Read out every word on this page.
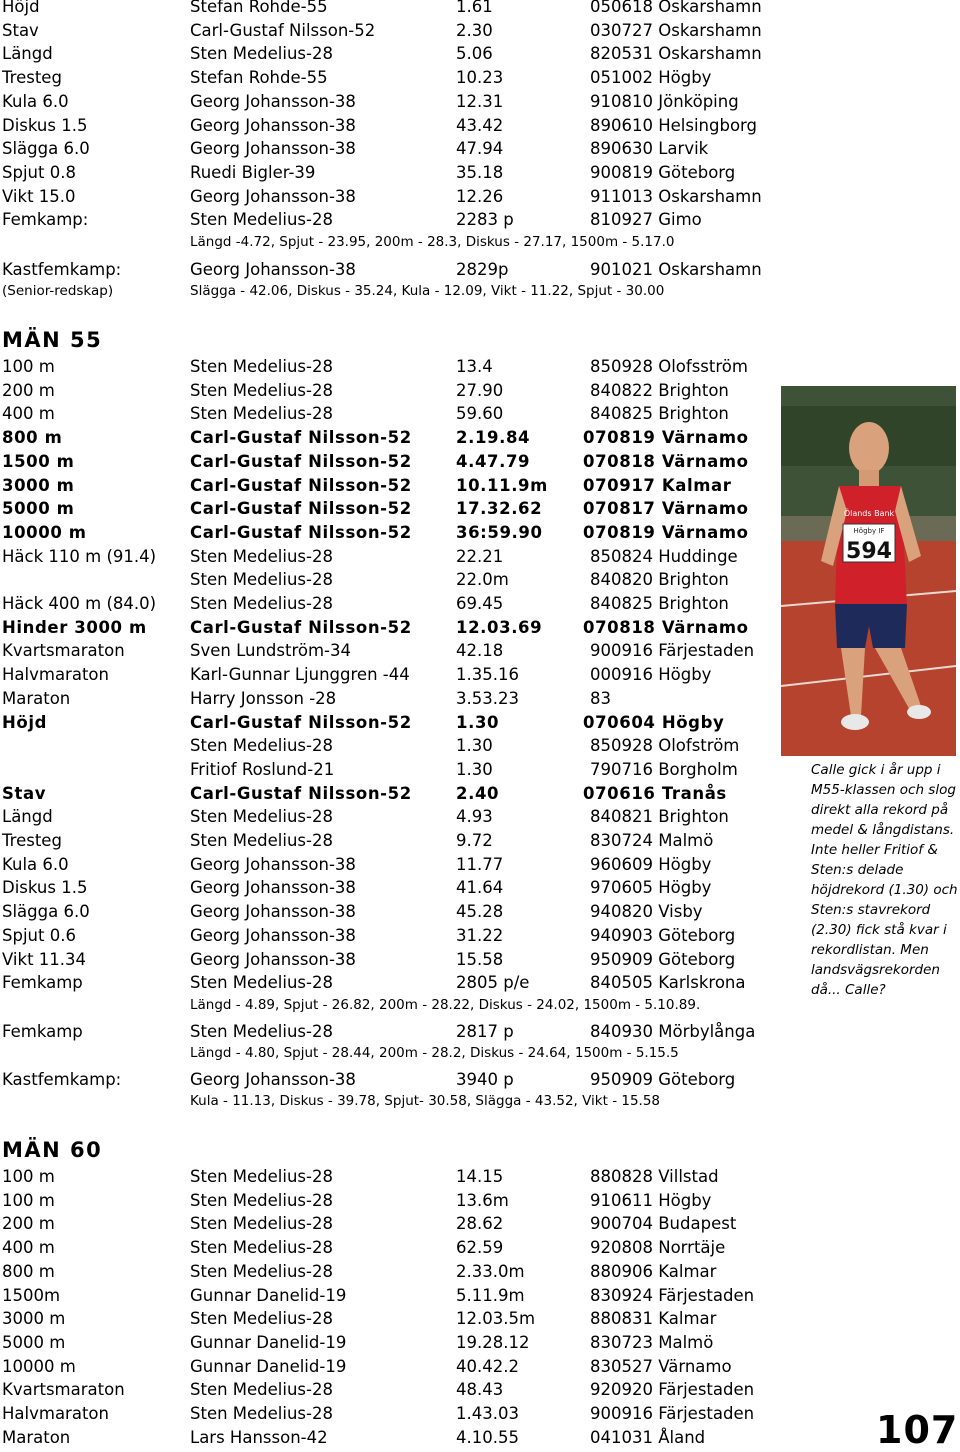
Höjd	Stefan Rohde-55	1.61	050618 Oskarshamn
Stav	Carl-Gustaf Nilsson-52	2.30	030727 Oskarshamn
Längd	Sten Medelius-28	5.06	820531 Oskarshamn
Tresteg	Stefan Rohde-55	10.23	051002 Högby
Kula 6.0	Georg Johansson-38	12.31	910810 Jönköping
Diskus 1.5	Georg Johansson-38	43.42	890610 Helsingborg
Slägga 6.0	Georg Johansson-38	47.94	890630 Larvik
Spjut 0.8	Ruedi Bigler-39	35.18	900819 Göteborg
Vikt 15.0	Georg Johansson-38	12.26	911013 Oskarshamn
Femkamp:	Sten Medelius-28	2283 p	810927 Gimo
Längd -4.72, Spjut - 23.95, 200m - 28.3, Diskus - 27.17, 1500m - 5.17.0
Kastfemkamp:	Georg Johansson-38	2829p	901021 Oskarshamn
(Senior-redskap)	Slägga - 42.06, Diskus - 35.24, Kula - 12.09, Vikt - 11.22, Spjut - 30.00
MÄN 55
100 m	Sten Medelius-28	13.4	850928 Olofsström
200 m	Sten Medelius-28	27.90	840822 Brighton
400 m	Sten Medelius-28	59.60	840825 Brighton
800 m	Carl-Gustaf Nilsson-52	2.19.84	070819 Värnamo
1500 m	Carl-Gustaf Nilsson-52	4.47.79	070818 Värnamo
3000 m	Carl-Gustaf Nilsson-52	10.11.9m 070917 Kalmar
5000 m	Carl-Gustaf Nilsson-52	17.32.62 070817 Värnamo
10000 m	Carl-Gustaf Nilsson-52	36:59.90 070819 Värnamo
Häck 110 m (91.4) Sten Medelius-28	22.21	850824 Huddinge
Sten Medelius-28	22.0m	840820 Brighton
Häck 400 m (84.0) Sten Medelius-28	69.45	840825 Brighton
Hinder 3000 m	Carl-Gustaf Nilsson-52	12.03.69 070818 Värnamo
Kvartsmaraton	Sven Lundström-34	42.18	900916 Färjestaden
Halvmaraton	Karl-Gunnar Ljunggren -44	1.35.16	000916 Högby
Maraton	Harry Jonsson -28	3.53.23	83
Höjd	Carl-Gustaf Nilsson-52	1.30	070604 Högby
Sten Medelius-28	1.30	850928 Olofström
Fritiof Roslund-21	1.30	790716 Borgholm
Stav	Carl-Gustaf Nilsson-52	2.40	070616 Tranås
Längd	Sten Medelius-28	4.93	840821 Brighton
Tresteg	Sten Medelius-28	9.72	830724 Malmö
Kula 6.0	Georg Johansson-38	11.77	960609 Högby
Diskus 1.5	Georg Johansson-38	41.64	970605 Högby
Slägga 6.0	Georg Johansson-38	45.28	940820 Visby
Spjut 0.6	Georg Johansson-38	31.22	940903 Göteborg
Vikt 11.34	Georg Johansson-38	15.58	950909 Göteborg
Femkamp	Sten Medelius-28	2805 p/e	840505 Karlskrona
Längd - 4.89, Spjut - 26.82, 200m - 28.22, Diskus - 24.02, 1500m - 5.10.89.
Femkamp	Sten Medelius-28	2817 p	840930 Mörbylånga
Längd - 4.80, Spjut - 28.44, 200m - 28.2, Diskus - 24.64, 1500m - 5.15.5
Kastfemkamp:	Georg Johansson-38	3940 p	950909 Göteborg
Kula - 11.13, Diskus - 39.78, Spjut- 30.58, Slägga - 43.52, Vikt - 15.58
Ölands Bank
Högby IF
594
Calle gick i år upp i M55-klassen och slog direkt alla rekord på medel & långdistans. Inte heller Fritiof & Sten:s delade höjdrekord (1.30) och Sten:s stavrekord (2.30) fick stå kvar i rekordlistan. Men landsvägsrekorden då... Calle?
MÄN 60
100 m	Sten Medelius-28	14.15	880828 Villstad
100 m	Sten Medelius-28	13.6m	910611 Högby
200 m	Sten Medelius-28	28.62	900704 Budapest
400 m	Sten Medelius-28	62.59	920808 Norrtäje
800 m	Sten Medelius-28	2.33.0m	880906 Kalmar
1500m	Gunnar Danelid-19	5.11.9m	830924 Färjestaden
3000 m	Sten Medelius-28	12.03.5m	880831 Kalmar
5000 m	Gunnar Danelid-19	19.28.12	830723 Malmö
10000 m	Gunnar Danelid-19	40.42.2	830527 Värnamo
Kvartsmaraton	Sten Medelius-28	48.43	920920 Färjestaden
Halvmaraton	Sten Medelius-28	1.43.03	900916 Färjestaden
Maraton	Lars Hansson-42	4.10.55	041031 Åland	107
